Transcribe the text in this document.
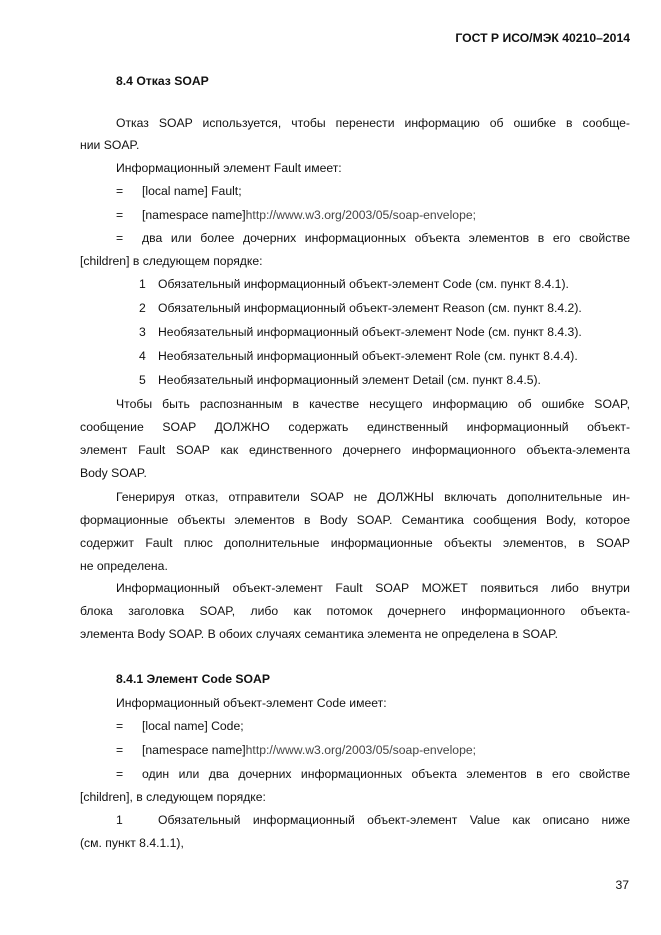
ГОСТ Р ИСО/МЭК 40210–2014
8.4 Отказ SOAP
Отказ SOAP используется, чтобы перенести информацию об ошибке в сообще-
нии SOAP.
Информационный элемент Fault имеет:
= [local name] Fault;
= [namespace name]http://www.w3.org/2003/05/soap-envelope;
= два или более дочерних информационных объекта элементов в его свойстве
[children] в следующем порядке:
1 Обязательный информационный объект-элемент Code (см. пункт 8.4.1).
2 Обязательный информационный объект-элемент Reason (см. пункт 8.4.2).
3 Необязательный информационный объект-элемент Node (см. пункт 8.4.3).
4 Необязательный информационный объект-элемент Role (см. пункт 8.4.4).
5 Необязательный информационный элемент Detail (см. пункт 8.4.5).
Чтобы быть распознанным в качестве несущего информацию об ошибке SOAP,
сообщение SOAP ДОЛЖНО содержать единственный информационный объект-
элемент Fault SOAP как единственного дочернего информационного объекта-элемента
Body SOAP.
Генерируя отказ, отправители SOAP не ДОЛЖНЫ включать дополнительные ин-
формационные объекты элементов в Body SOAP. Семантика сообщения Body, которое
содержит Fault плюс дополнительные информационные объекты элементов, в SOAP
не определена.
Информационный объект-элемент Fault SOAP МОЖЕТ появиться либо внутри
блока заголовка SOAP, либо как потомок дочернего информационного объекта-
элемента Body SOAP. В обоих случаях семантика элемента не определена в SOAP.
8.4.1 Элемент Code SOAP
Информационный объект-элемент Code имеет:
= [local name] Code;
= [namespace name]http://www.w3.org/2003/05/soap-envelope;
= один или два дочерних информационных объекта элементов в его свойстве
[children], в следующем порядке:
1	Обязательный информационный объект-элемент Value как описано ниже
(см. пункт 8.4.1.1),
37
